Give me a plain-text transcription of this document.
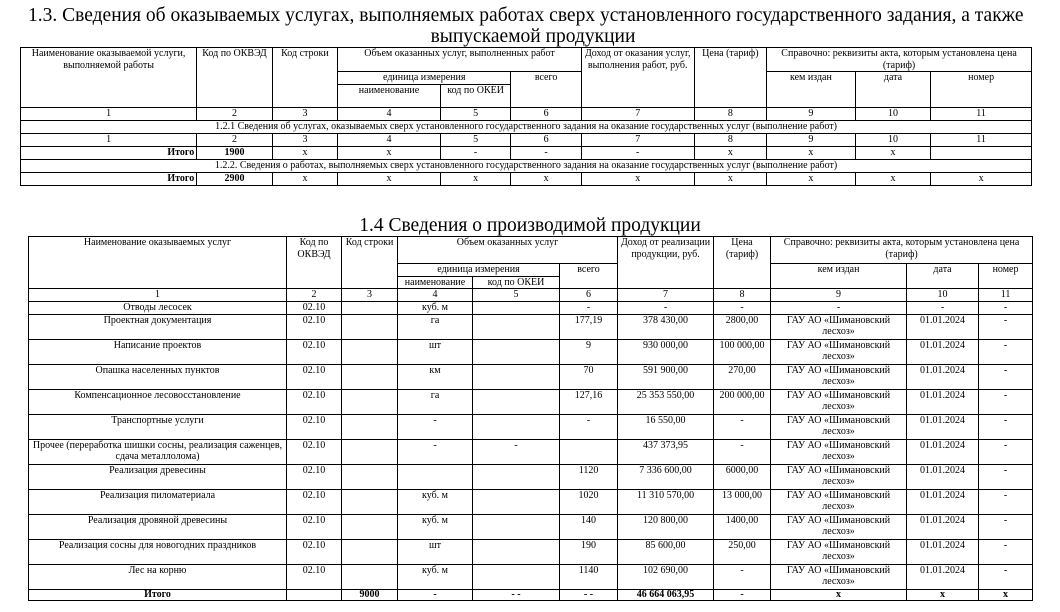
1.3. Сведения об оказываемых услугах, выполняемых работах сверх установленного государственного задания, а также
выпускаемой продукции
Наименование оказываемой услуги, выполняемой работы	Код по ОКВЭД	Код строки	Объем оказанных услуг, выполненных работ			Доход от оказания услуг, выполнения работ, руб.	Цена (тариф)	Справочно: реквизиты акта, которым установлена цена (тариф)		
			единица измерения		всего			кем издан	дата	номер
			наименование	код по ОКЕИ						
1	2	3	4	5	6	7	8	9	10	11
1.2.1 Сведения об услугах, оказываемых сверх установленного государственного задания на оказание государственных услуг (выполнение работ)										
1	2	3	4	5	6	7	8	9	10	11
Итого	1900	x	x	-	-	-	x	x	x	
1.2.2. Сведения о работах, выполняемых сверх установленного государственного задания на оказание государственных услуг (выполнение работ)										
Итого	2900	x	x	x	x	x	x	x	x	x
1.4 Сведения о производимой продукции
Наименование оказываемых услуг	Код по ОКВЭД	Код строки	Объем оказанных услуг			Доход от реализации продукции, руб.	Цена (тариф)	Справочно: реквизиты акта, которым установлена цена (тариф)		
			единица измерения		всего			кем издан	дата	номер
			наименование	код по ОКЕИ						
1	2	3	4	5	6	7	8	9	10	11
Отводы лесосек	02.10		куб. м		-	-	-	-	-	-
Проектная документация	02.10		га		177,19	378 430,00	2800,00	ГАУ АО «Шимановский лесхоз»	01.01.2024	-
Написание проектов	02.10		шт		9	930 000,00	100 000,00	ГАУ АО «Шимановский лесхоз»	01.01.2024	-
Опашка населенных пунктов	02.10		км		70	591 900,00	270,00	ГАУ АО «Шимановский лесхоз»	01.01.2024	-
Компенсационное лесовосстановление	02.10		га		127,16	25 353 550,00	200 000,00	ГАУ АО «Шимановский лесхоз»	01.01.2024	-
Транспортные услуги	02.10		-		-	16 550,00	-	ГАУ АО «Шимановский лесхоз»	01.01.2024	-
Прочее (переработка шишки сосны, реализация саженцев, сдача металлолома)	02.10		-	-		437 373,95	-	ГАУ АО «Шимановский лесхоз»	01.01.2024	-
Реализация древесины	02.10				1120	7 336 600,00	6000,00	ГАУ АО «Шимановский лесхоз»	01.01.2024	-
Реализация пиломатериала	02.10		куб. м		1020	11 310 570,00	13 000,00	ГАУ АО «Шимановский лесхоз»	01.01.2024	-
Реализация дровяной древесины	02.10		куб. м		140	120 800,00	1400,00	ГАУ АО «Шимановский лесхоз»	01.01.2024	-
Реализация сосны для новогодних праздников	02.10		шт		190	85 600,00	250,00	ГАУ АО «Шимановский лесхоз»	01.01.2024	-
Лес на корню	02.10		куб. м		1140	102 690,00	-	ГАУ АО «Шимановский лесхоз»	01.01.2024	-
Итого		9000	-	- -	- -	46 664 063,95	-	x	x	x
